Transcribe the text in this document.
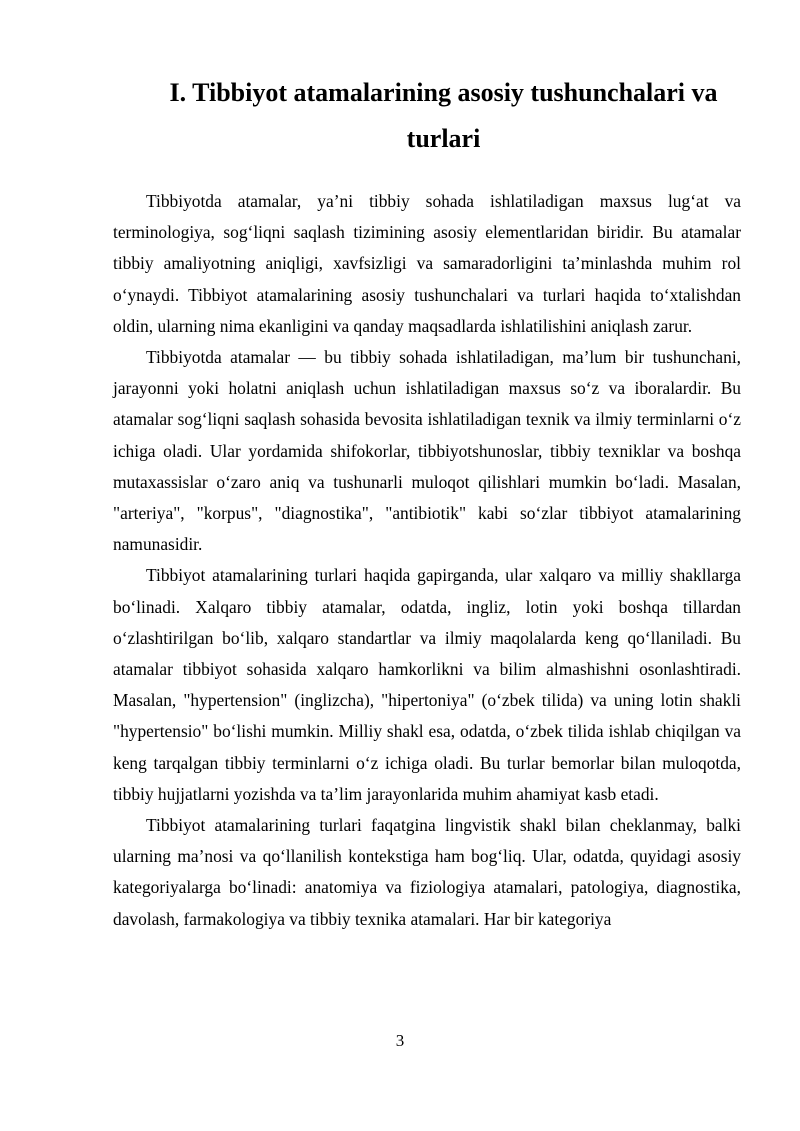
I. Tibbiyot atamalarining asosiy tushunchalari va turlari

Tibbiyotda atamalar, ya’ni tibbiy sohada ishlatiladigan maxsus lug‘at va terminologiya, sog‘liqni saqlash tizimining asosiy elementlaridan biridir. Bu atamalar tibbiy amaliyotning aniqligi, xavfsizligi va samaradorligini ta’minlashda muhim rol o‘ynaydi. Tibbiyot atamalarining asosiy tushunchalari va turlari haqida to‘xtalishdan oldin, ularning nima ekanligini va qanday maqsadlarda ishlatilishini aniqlash zarur.

Tibbiyotda atamalar — bu tibbiy sohada ishlatiladigan, ma’lum bir tushunchani, jarayonni yoki holatni aniqlash uchun ishlatiladigan maxsus so‘z va iboralardir. Bu atamalar sog‘liqni saqlash sohasida bevosita ishlatiladigan texnik va ilmiy terminlarni o‘z ichiga oladi. Ular yordamida shifokorlar, tibbiyotshunoslar, tibbiy texniklar va boshqa mutaxassislar o‘zaro aniq va tushunarli muloqot qilishlari mumkin bo‘ladi. Masalan, "arteriya", "korpus", "diagnostika", "antibiotik" kabi so‘zlar tibbiyot atamalarining namunasidir.

Tibbiyot atamalarining turlari haqida gapirganda, ular xalqaro va milliy shakllarga bo‘linadi. Xalqaro tibbiy atamalar, odatda, ingliz, lotin yoki boshqa tillardan o‘zlashtirilgan bo‘lib, xalqaro standartlar va ilmiy maqolalarda keng qo‘llaniladi. Bu atamalar tibbiyot sohasida xalqaro hamkorlikni va bilim almashishni osonlashtiradi. Masalan, "hypertension" (inglizcha), "hipertoniya" (o‘zbek tilida) va uning lotin shakli "hypertensio" bo‘lishi mumkin. Milliy shakl esa, odatda, o‘zbek tilida ishlab chiqilgan va keng tarqalgan tibbiy terminlarni o‘z ichiga oladi. Bu turlar bemorlar bilan muloqotda, tibbiy hujjatlarni yozishda va ta’lim jarayonlarida muhim ahamiyat kasb etadi.

Tibbiyot atamalarining turlari faqatgina lingvistik shakl bilan cheklanmay, balki ularning ma’nosi va qo‘llanilish kontekstiga ham bog‘liq. Ular, odatda, quyidagi asosiy kategoriyalarga bo‘linadi: anatomiya va fiziologiya atamalari, patologiya, diagnostika, davolash, farmakologiya va tibbiy texnika atamalari. Har bir kategoriya

3
